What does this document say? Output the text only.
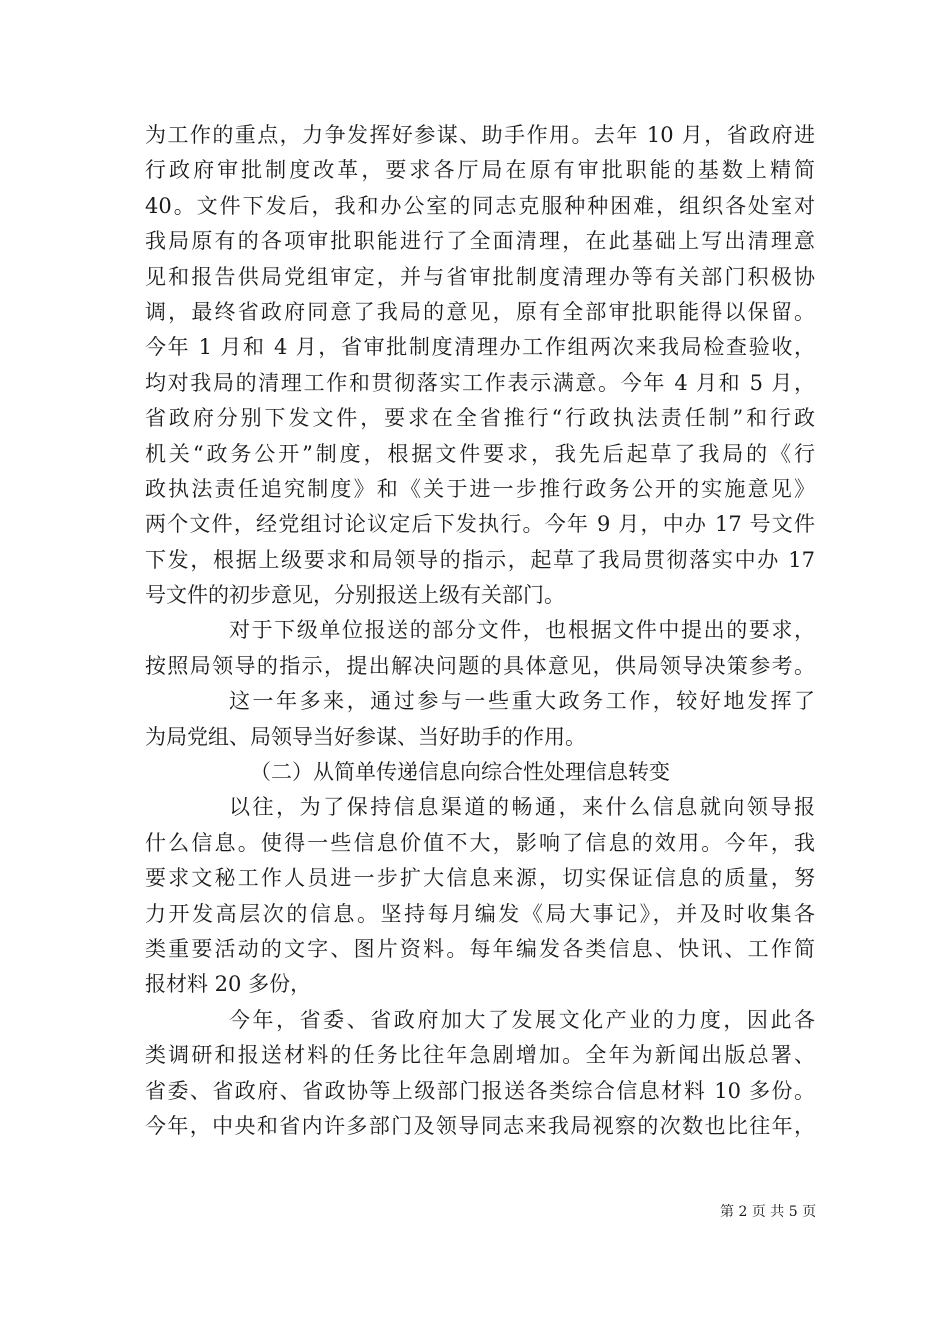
为工作的重点，力争发挥好参谋、助手作用。去年 10 月，省政府进
行政府审批制度改革，要求各厅局在原有审批职能的基数上精简
40。文件下发后，我和办公室的同志克服种种困难，组织各处室对
我局原有的各项审批职能进行了全面清理，在此基础上写出清理意
见和报告供局党组审定，并与省审批制度清理办等有关部门积极协
调，最终省政府同意了我局的意见，原有全部审批职能得以保留。
今年 1 月和 4 月，省审批制度清理办工作组两次来我局检查验收，
均对我局的清理工作和贯彻落实工作表示满意。今年 4 月和 5 月，
省政府分别下发文件，要求在全省推行“行政执法责任制”和行政
机关“政务公开”制度，根据文件要求，我先后起草了我局的《行
政执法责任追究制度》和《关于进一步推行政务公开的实施意见》
两个文件，经党组讨论议定后下发执行。今年 9 月，中办 17 号文件
下发，根据上级要求和局领导的指示，起草了我局贯彻落实中办 17
号文件的初步意见，分别报送上级有关部门。
对于下级单位报送的部分文件，也根据文件中提出的要求，
按照局领导的指示，提出解决问题的具体意见，供局领导决策参考。
这一年多来，通过参与一些重大政务工作，较好地发挥了
为局党组、局领导当好参谋、当好助手的作用。
（二）从简单传递信息向综合性处理信息转变
以往，为了保持信息渠道的畅通，来什么信息就向领导报
什么信息。使得一些信息价值不大，影响了信息的效用。今年，我
要求文秘工作人员进一步扩大信息来源，切实保证信息的质量，努
力开发高层次的信息。坚持每月编发《局大事记》，并及时收集各
类重要活动的文字、图片资料。每年编发各类信息、快讯、工作简
报材料 20 多份，
今年，省委、省政府加大了发展文化产业的力度，因此各
类调研和报送材料的任务比往年急剧增加。全年为新闻出版总署、
省委、省政府、省政协等上级部门报送各类综合信息材料 10 多份。
今年，中央和省内许多部门及领导同志来我局视察的次数也比往年，
第 2 页 共 5 页
